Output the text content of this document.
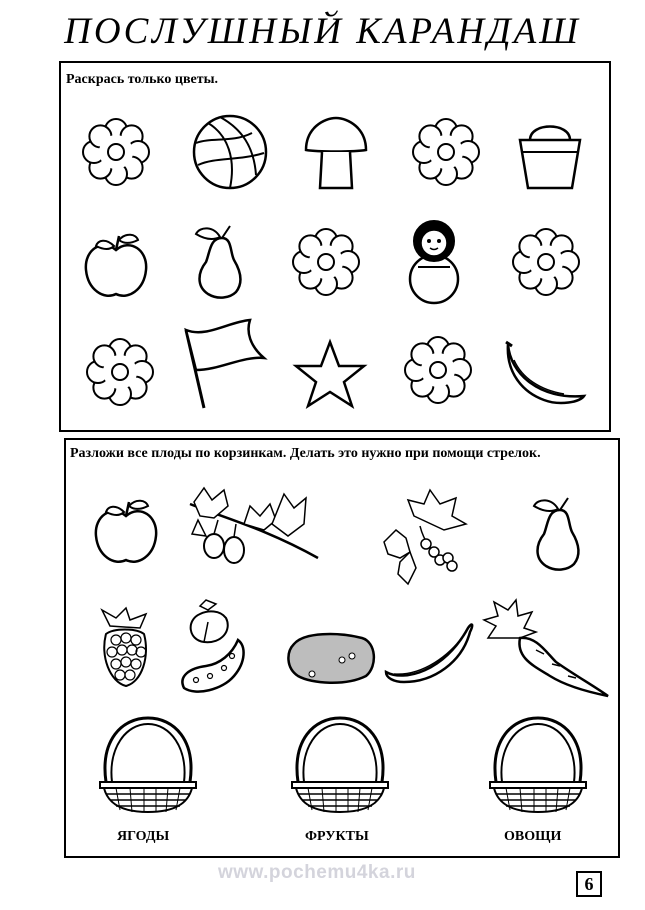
ПОСЛУШНЫЙ КАРАНДАШ
Раскрась только цветы.
Разложи все плоды по корзинкам. Делать это нужно при помощи стрелок.
ЯГОДЫ	ФРУКТЫ	ОВОЩИ
www.pochemu4ka.ru
6
